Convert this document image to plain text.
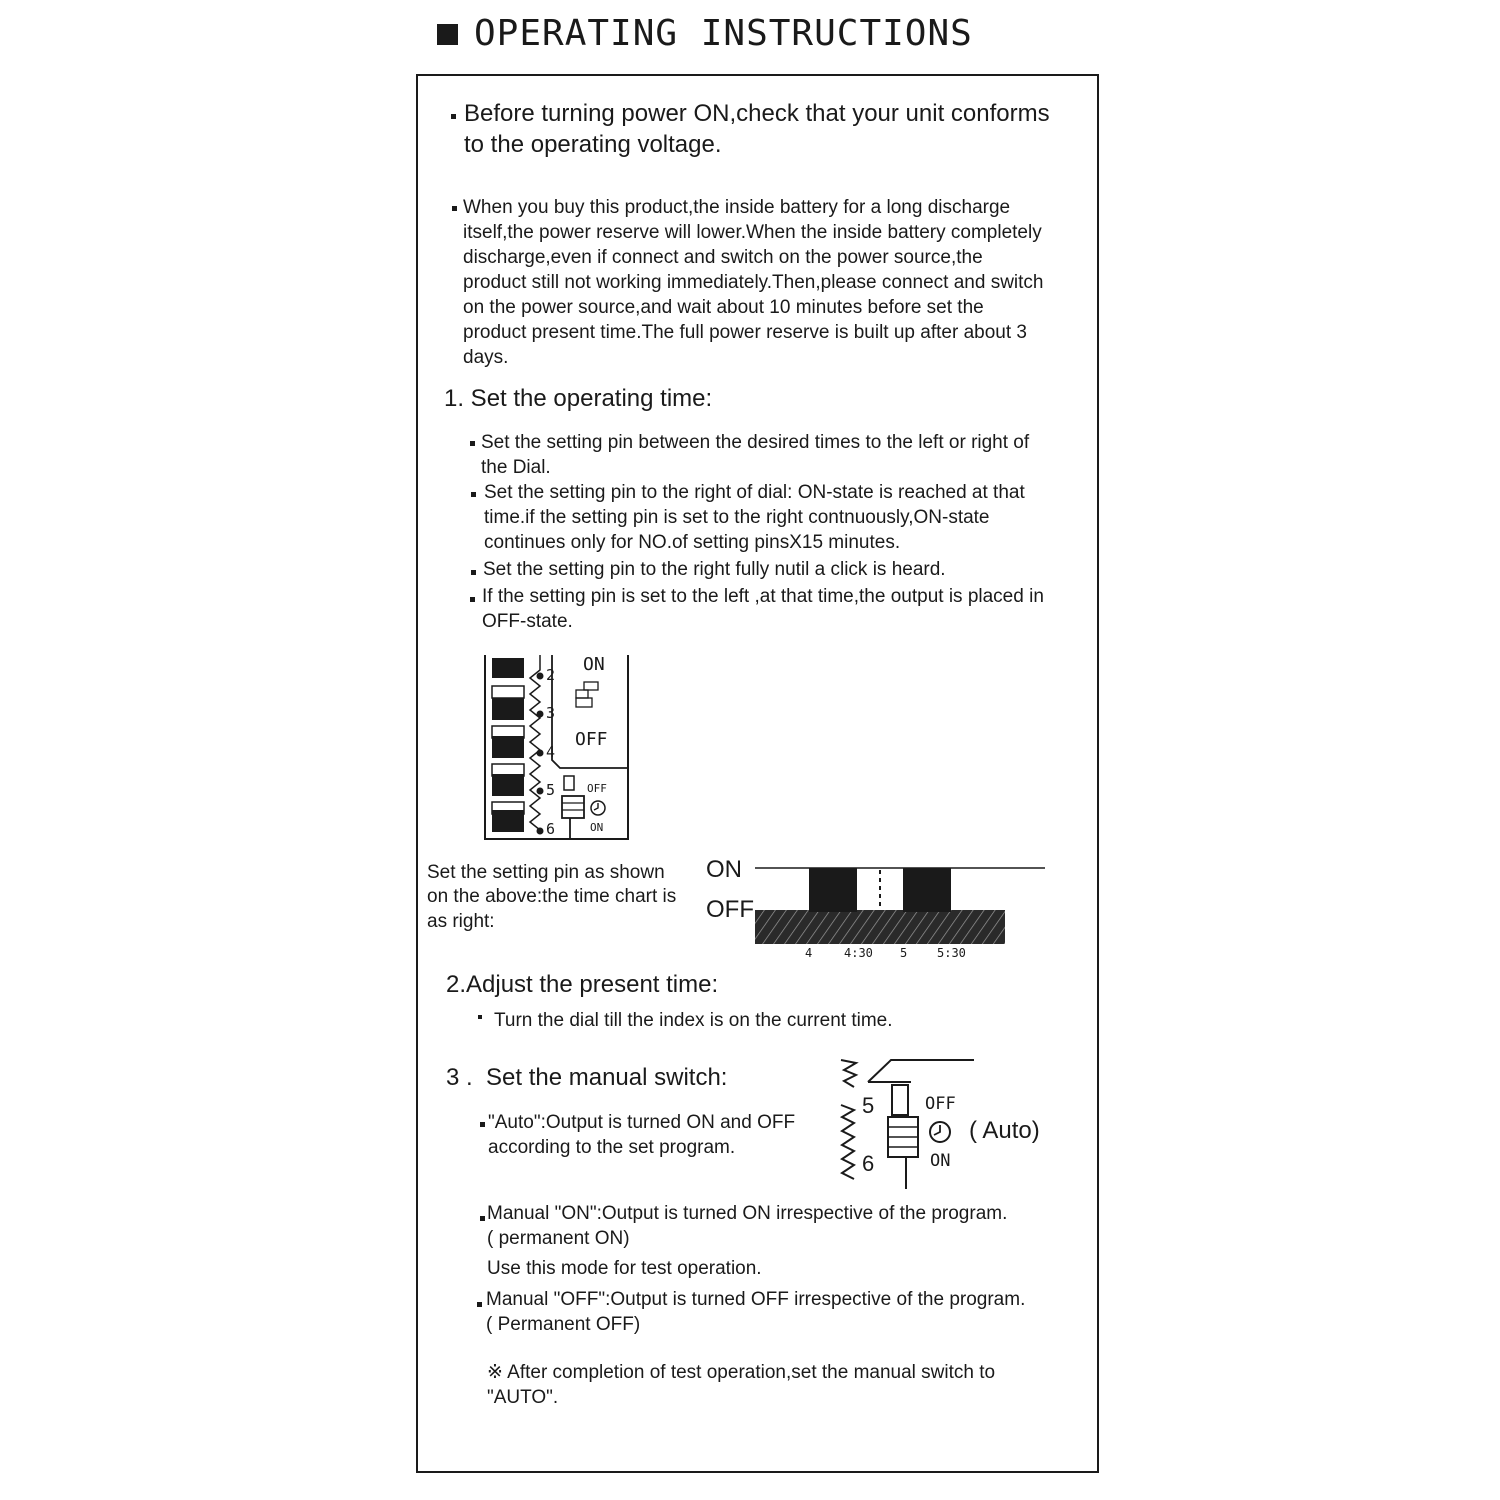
OPERATING INSTRUCTIONS
Before turning power ON,check that your unit conforms
to the operating voltage.
When you buy this product,the inside battery for a long discharge
itself,the power reserve will lower.When the inside battery completely
discharge,even if connect and switch on the power source,the
product still not working immediately.Then,please connect and switch
on the power source,and wait about 10 minutes before set the
product present time.The full power reserve is built up after about 3
days.
1. Set the operating time:
Set the setting pin between the desired times to the left or right of
the Dial.
Set the setting pin to the right of dial: ON-state is reached at that
time.if the setting pin is set to the right contnuously,ON-state
continues only for NO.of setting pinsX15 minutes.
Set the setting pin to the right fully nutil a click is heard.
If the setting pin is set to the left ,at that time,the output is placed in
OFF-state.
2
3
4
5
6
ON
OFF
OFF
ON
Set the setting pin as shown
on the above:the time chart is
as right:
ON
OFF
4	4:30 5 5:30
2.Adjust the present time:
Turn the dial till the index is on the current time.
3 .  Set the manual switch:
"Auto":Output is turned ON and OFF
according to the set program.
5
6
OFF
ON
( Auto)
Manual "ON":Output is turned ON irrespective of the program.
( permanent ON)
Use this mode for test operation.
Manual "OFF":Output is turned OFF irrespective of the program.
( Permanent OFF)
※ After completion of test operation,set the manual switch to
"AUTO".
